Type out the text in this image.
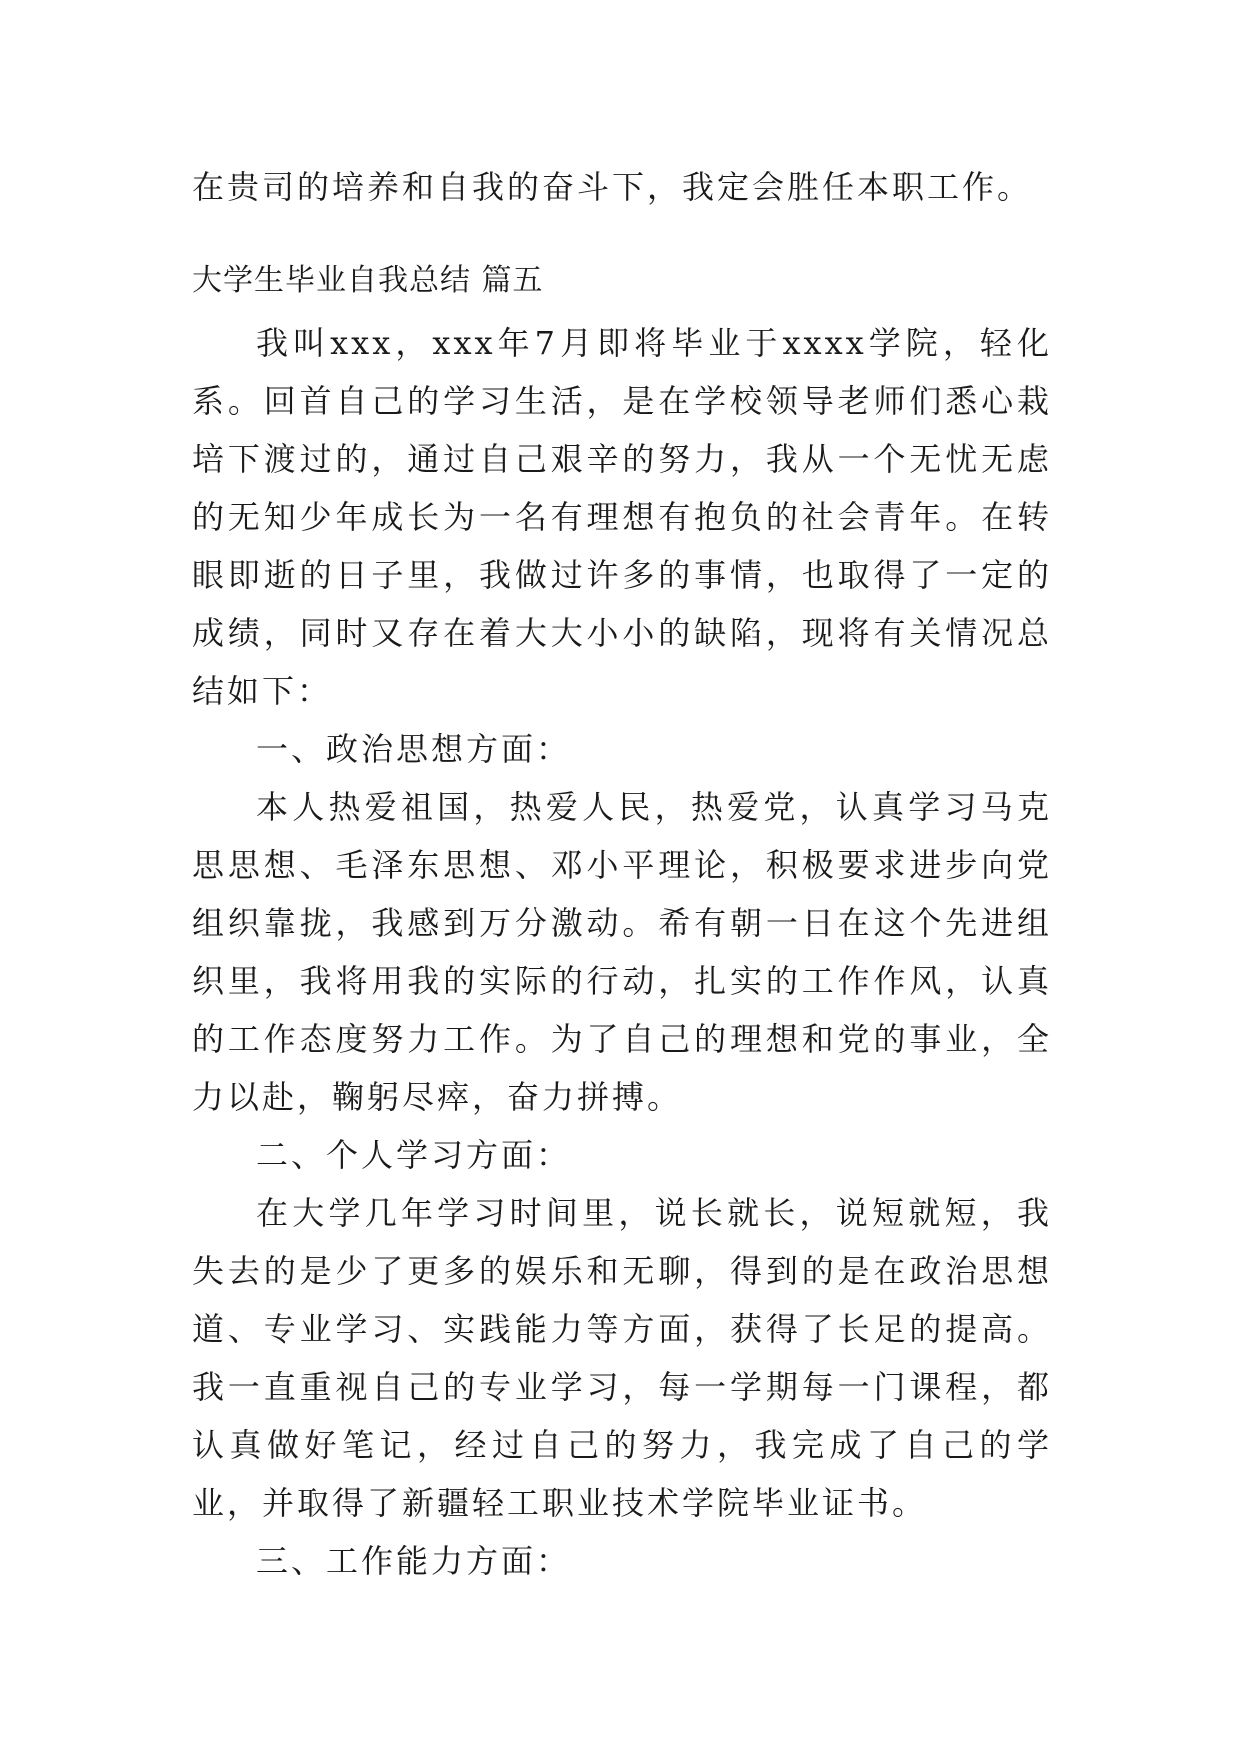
在贵司的培养和自我的奋斗下，我定会胜任本职工作。

大学生毕业自我总结 篇五

我叫xxx，xxx年7月即将毕业于xxxx学院，轻化系。回首自己的学习生活，是在学校领导老师们悉心栽培下渡过的，通过自己艰辛的努力，我从一个无忧无虑的无知少年成长为一名有理想有抱负的社会青年。在转眼即逝的日子里，我做过许多的事情，也取得了一定的成绩，同时又存在着大大小小的缺陷，现将有关情况总结如下：

一、政治思想方面：

本人热爱祖国，热爱人民，热爱党，认真学习马克思思想、毛泽东思想、邓小平理论，积极要求进步向党组织靠拢，我感到万分激动。希有朝一日在这个先进组织里，我将用我的实际的行动，扎实的工作作风，认真的工作态度努力工作。为了自己的理想和党的事业，全力以赴，鞠躬尽瘁，奋力拼搏。

二、个人学习方面：

在大学几年学习时间里，说长就长，说短就短，我失去的是少了更多的娱乐和无聊，得到的是在政治思想道、专业学习、实践能力等方面，获得了长足的提高。我一直重视自己的专业学习，每一学期每一门课程，都认真做好笔记，经过自己的努力，我完成了自己的学业，并取得了新疆轻工职业技术学院毕业证书。

三、工作能力方面：
